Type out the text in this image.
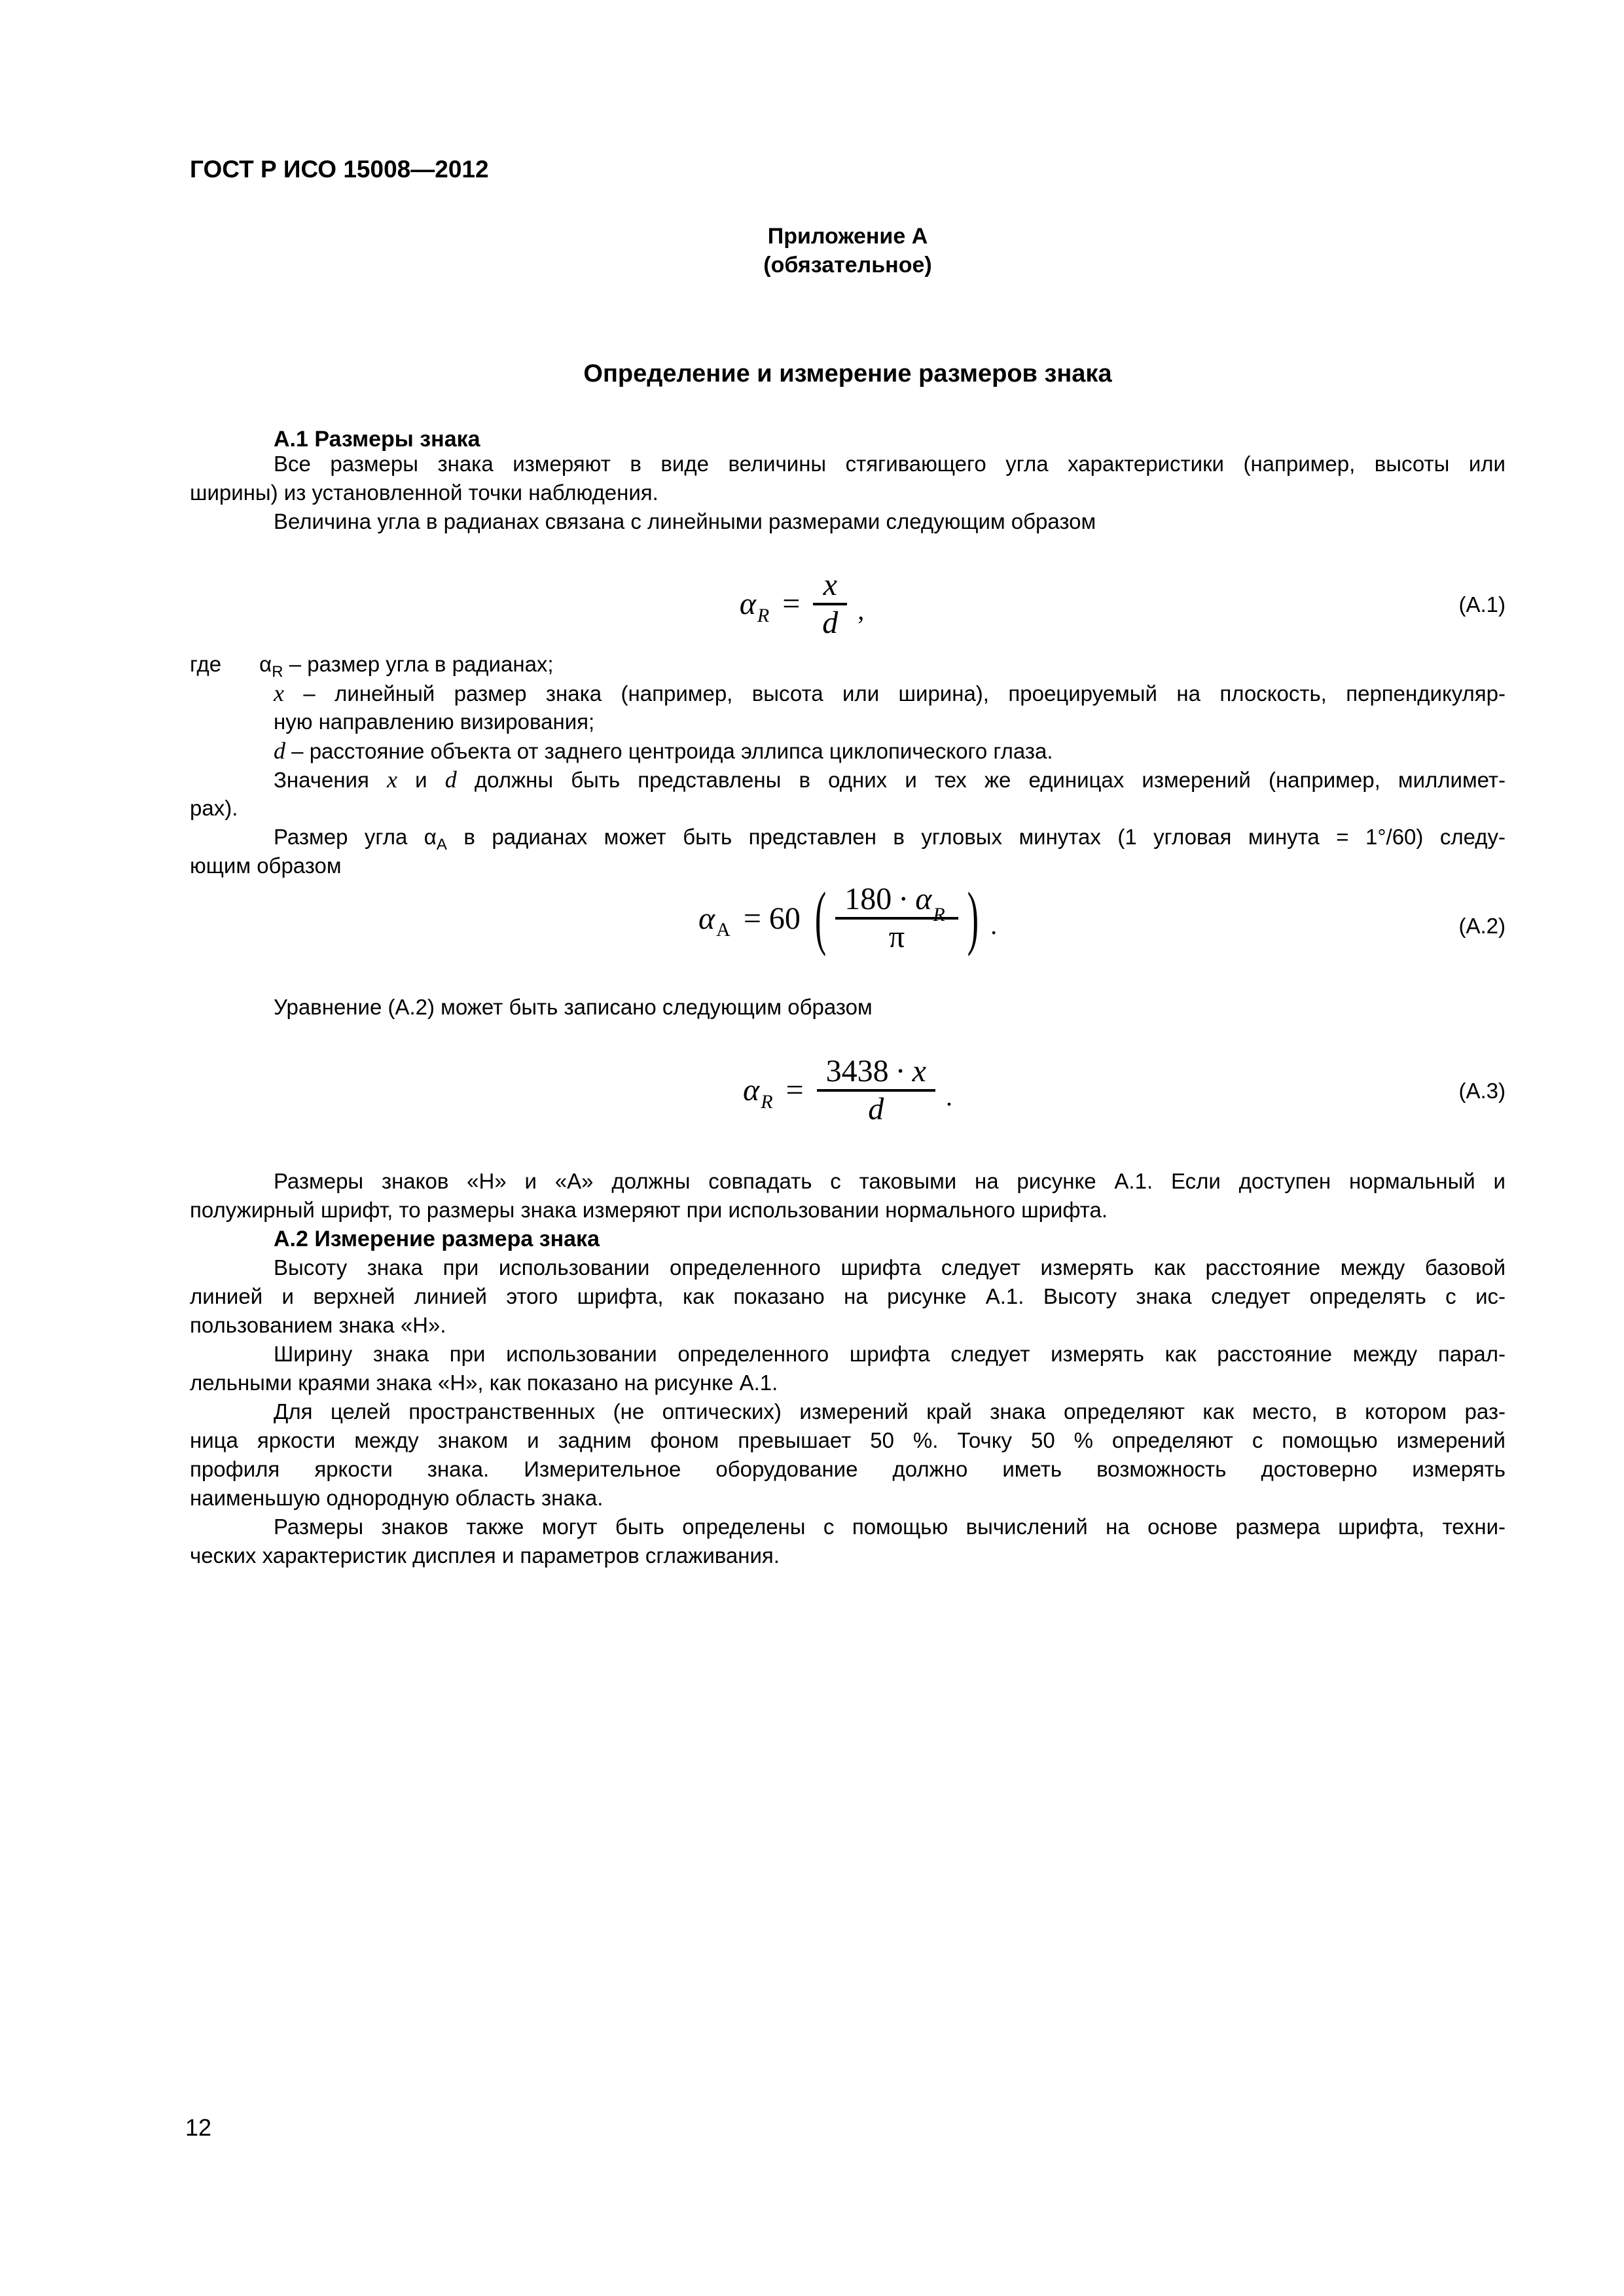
ГОСТ Р ИСО 15008—2012
Приложение А
(обязательное)
Определение и измерение размеров знака
А.1 Размеры знака
Все размеры знака измеряют в виде величины стягивающего угла характеристики (например, высоты или
ширины) из установленной точки наблюдения.
Величина угла в радианах связана с линейными размерами следующим образом
α $R = \frac{x}{d}$ ,	(А.1)
где $\alpha_R$ – размер угла в радианах;
x – линейный размер знака (например, высота или ширина), проецируемый на плоскость, перпендикуляр-
ную направлению визирования;
d – расстояние объекта от заднего центроида эллипса циклопического глаза.
Значения x и d должны быть представлены в одних и тех же единицах измерений (например, миллимет-
рах).
Размер угла $\alpha_A$ в радианах может быть представлен в угловых минутах (1 угловая минута = 1°/60) следу-
ющим образом
α A = 60 ( $\frac{180 \cdot \alpha_R}{\pi}$ ) .	(А.2)
Уравнение (А.2) может быть записано следующим образом
α $R = \frac{3438 \cdot x}{d}$ .	(А.3)
Размеры знаков «Н» и «А» должны совпадать с таковыми на рисунке А.1. Если доступен нормальный и
полужирный шрифт, то размеры знака измеряют при использовании нормального шрифта.
А.2 Измерение размера знака
Высоту знака при использовании определенного шрифта следует измерять как расстояние между базовой
линией и верхней линией этого шрифта, как показано на рисунке А.1. Высоту знака следует определять с ис-
пользованием знака «Н».
Ширину знака при использовании определенного шрифта следует измерять как расстояние между парал-
лельными краями знака «Н», как показано на рисунке А.1.
Для целей пространственных (не оптических) измерений край знака определяют как место, в котором раз-
ница яркости между знаком и задним фоном превышает 50 %. Точку 50 % определяют с помощью измерений
профиля яркости знака. Измерительное оборудование должно иметь возможность достоверно измерять
наименьшую однородную область знака.
Размеры знаков также могут быть определены с помощью вычислений на основе размера шрифта, техни-
ческих характеристик дисплея и параметров сглаживания.
12
